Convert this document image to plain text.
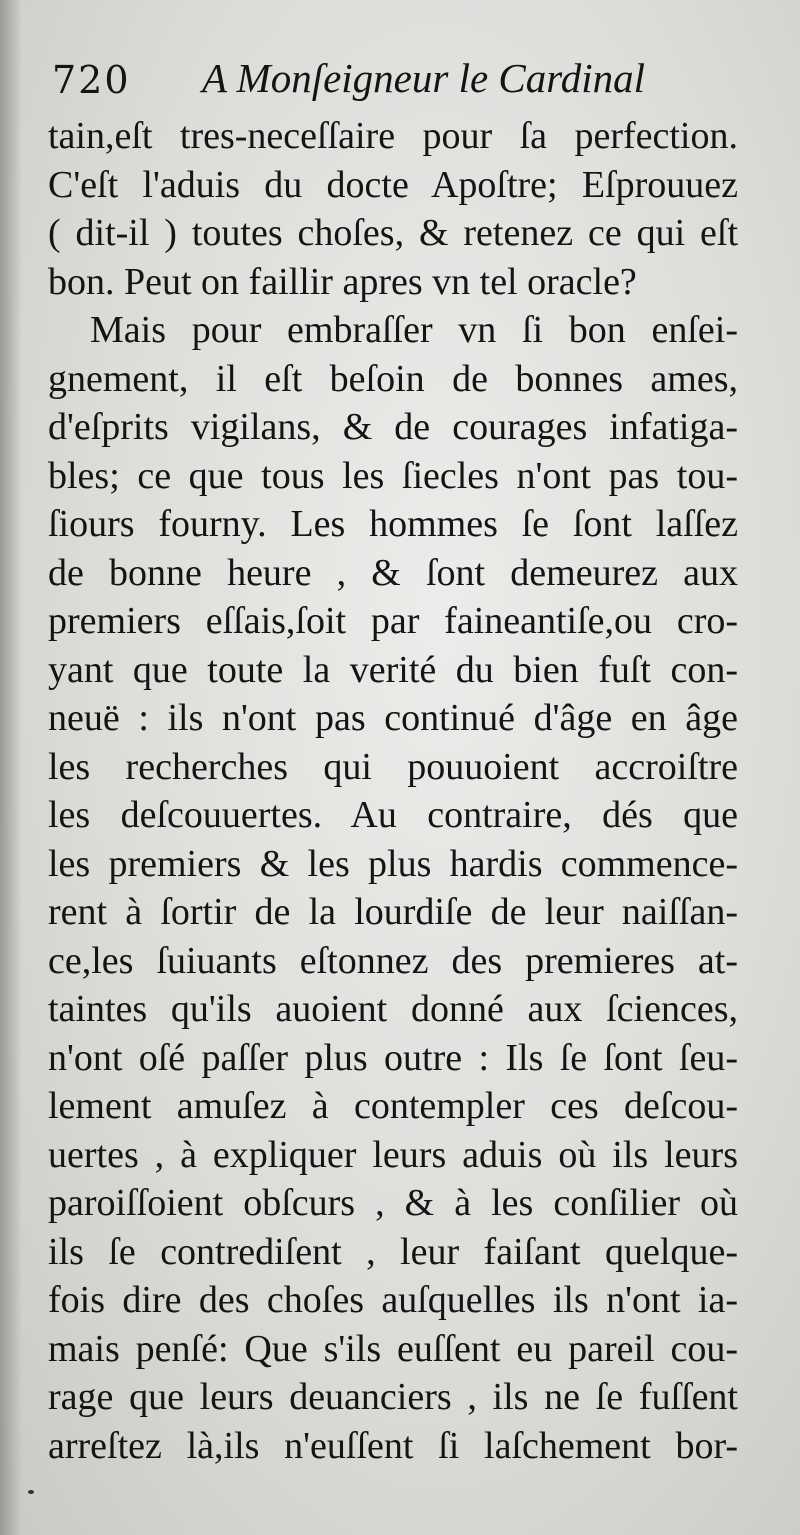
720 A Monſeigneur le Cardinal
tain,eſt tres-neceſſaire pour ſa perfection.
C'eſt l'aduis du docte Apoſtre; Eſprouuez
( dit-il ) toutes choſes, & retenez ce qui eſt
bon. Peut on faillir apres vn tel oracle?
Mais pour embraſſer vn ſi bon enſei-
gnement, il eſt beſoin de bonnes ames,
d'eſprits vigilans, & de courages infatiga-
bles; ce que tous les ſiecles n'ont pas tou-
ſiours fourny. Les hommes ſe ſont laſſez
de bonne heure , & ſont demeurez aux
premiers eſſais,ſoit par faineantiſe,ou cro-
yant que toute la verité du bien fuſt con-
neuë : ils n'ont pas continué d'âge en âge
les recherches qui pouuoient accroiſtre
les deſcouuertes. Au contraire, dés que
les premiers & les plus hardis commence-
rent à ſortir de la lourdiſe de leur naiſſan-
ce,les ſuiuants eſtonnez des premieres at-
taintes qu'ils auoient donné aux ſciences,
n'ont oſé paſſer plus outre : Ils ſe ſont ſeu-
lement amuſez à contempler ces deſcou-
uertes , à expliquer leurs aduis où ils leurs
paroiſſoient obſcurs , & à les conſilier où
ils ſe contrediſent , leur faiſant quelque-
fois dire des choſes auſquelles ils n'ont ia-
mais penſé: Que s'ils euſſent eu pareil cou-
rage que leurs deuanciers , ils ne ſe fuſſent
arreſtez là,ils n'euſſent ſi laſchement bor-
